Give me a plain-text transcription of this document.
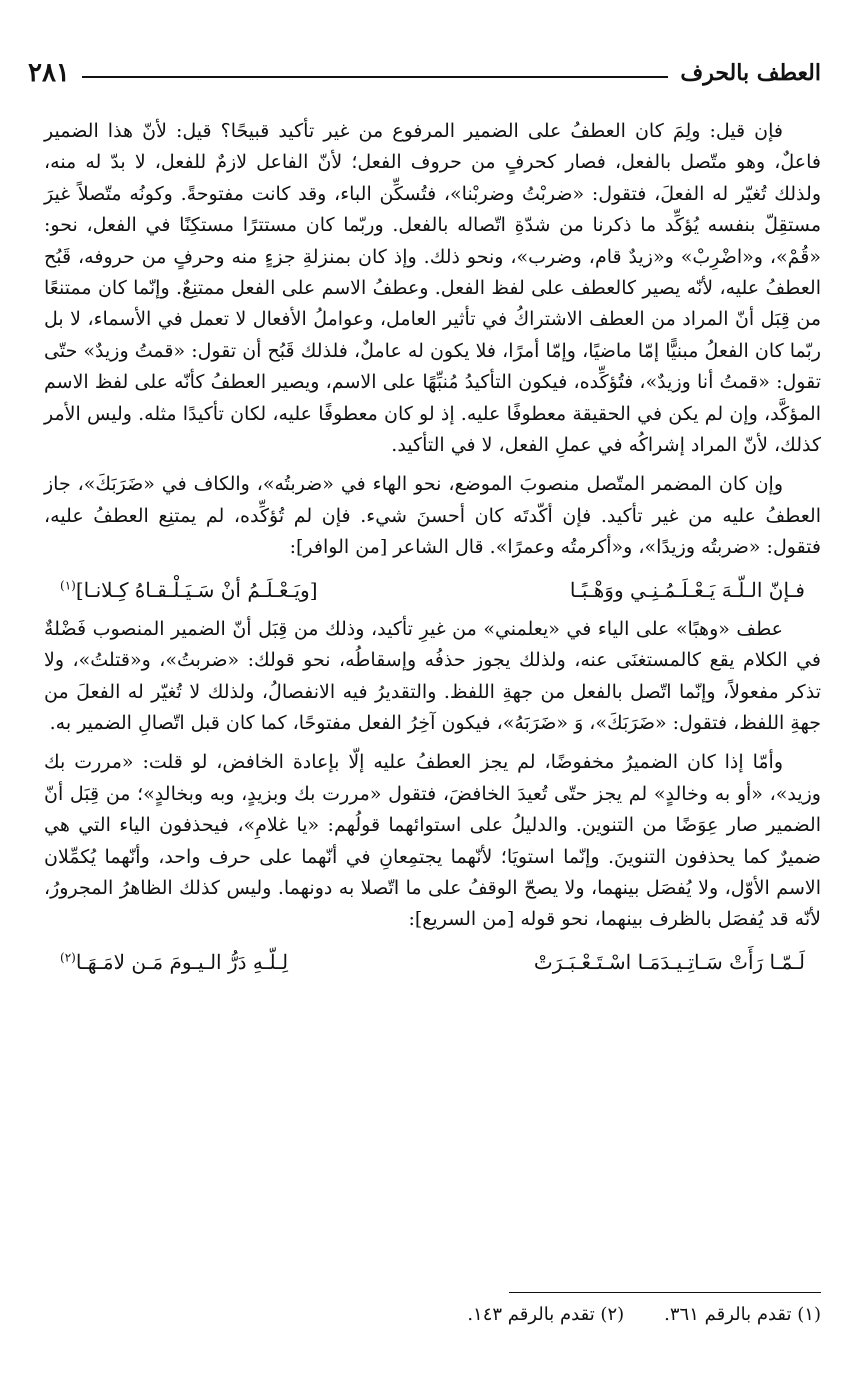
العطف بالحرف
٢٨١

فإن قيل: ولِمَ كان العطفُ على الضمير المرفوع من غير تأكيد قبيحًا؟ قيل: لأنّ هذا الضمير فاعلٌ، وهو متّصل بالفعل، فصار كحرفٍ من حروف الفعل؛ لأنّ الفاعل لازمٌ للفعل، لا بدّ له منه، ولذلك تُغيّر له الفعلَ، فتقول: «ضربْتُ وضربْنا»، فتُسكِّن الباء، وقد كانت مفتوحةً. وكونُه متّصلاً غيرَ مستقِلّ بنفسه يُؤكِّد ما ذكرنا من شدّةِ اتّصاله بالفعل. وربّما كان مستترًا مستكِنًا في الفعل، نحو: «قُمْ»، و«اضْرِبْ» و«زيدٌ قام، وضرب»، ونحو ذلك. وإذ كان بمنزلةِ جزءٍ منه وحرفٍ من حروفه، قَبُح العطفُ عليه، لأنّه يصير كالعطف على لفظ الفعل. وعطفُ الاسم على الفعل ممتنِعٌ. وإنّما كان ممتنعًا من قِبَل أنّ المراد من العطف الاشتراكُ في تأثير العامل، وعواملُ الأفعال لا تعمل في الأسماء، لا بل ربّما كان الفعلُ مبنيًّا إمّا ماضيًا، وإمّا أمرًا، فلا يكون له عاملٌ، فلذلك قَبُح أن تقول: «قمتُ وزيدٌ» حتّى تقول: «قمتُ أنا وزيدٌ»، فتُؤكِّده، فيكون التأكيدُ مُنبِّهًا على الاسم، ويصير العطفُ كأنّه على لفظ الاسم المؤكَّد، وإن لم يكن في الحقيقة معطوفًا عليه. إذ لو كان معطوفًا عليه، لكان تأكيدًا مثله. وليس الأمر كذلك، لأنّ المراد إشراكُه في عملِ الفعل، لا في التأكيد.

وإن كان المضمر المتّصل منصوبَ الموضع، نحو الهاء في «ضربتُه»، والكاف في «ضَرَبَكَ»، جاز العطفُ عليه من غير تأكيد. فإن أكّدتَه كان أحسنَ شيء. فإن لم تُؤكِّده، لم يمتنِع العطفُ عليه، فتقول: «ضربتُه وزيدًا»، و«أكرمتُه وعمرًا». قال الشاعر [من الوافر]:

فـإنّ الـلّـهَ يَـعْـلَـمُـنِـي ووَهْـبًـا
[ويَـعْـلَـمُ أنْ سَـيَـلْـقـاهُ كِـلانـا]$^{(١)}$

عطف «وهبًا» على الياء في «يعلمني» من غيرِ تأكيد، وذلك من قِبَل أنّ الضمير المنصوب فَضْلةٌ في الكلام يقع كالمستغنَى عنه، ولذلك يجوز حذفُه وإسقاطُه، نحو قولك: «ضربتُ»، و«قتلتُ»، ولا تذكر مفعولاً، وإنّما اتّصل بالفعل من جهةِ اللفظ. والتقديرُ فيه الانفصالُ، ولذلك لا تُغيّر له الفعلَ من جهةِ اللفظ، فتقول: «ضَرَبَكَ»، وَ «ضَرَبَهُ»، فيكون آخِرُ الفعل مفتوحًا، كما كان قبل اتّصالِ الضمير به.

وأمّا إذا كان الضميرُ مخفوضًا، لم يجز العطفُ عليه إلّا بإعادة الخافض، لو قلت: «مررت بك وزيد»، «أو به وخالدٍ» لم يجز حتّى تُعيدَ الخافضَ، فتقول «مررت بك وبزيدٍ، وبه وبخالدٍ»؛ من قِبَل أنّ الضمير صار عِوَضًا من التنوين. والدليلُ على استوائهما قولُهم: «يا غلامِ»، فيحذفون الياء التي هي ضميرٌ كما يحذفون التنوينَ. وإنّما استويَا؛ لأنّهما يجتمِعانِ في أنّهما على حرف واحد، وأنّهما يُكمِّلان الاسم الأوّل، ولا يُفصَل بينهما، ولا يصحّ الوقفُ على ما اتّصلا به دونهما. وليس كذلك الظاهرُ المجرورُ، لأنّه قد يُفصَل بالظرف بينهما، نحو قوله [من السريع]:

لَـمّـا رَأَتْ سَـاتِـيـدَمَـا اسْـتَـعْـبَـرَتْ
لِـلّـهِ دَرُّ الـيـومَ مَـن لامَـهَـا$^{(٢)}$
(١) تقدم بالرقم ٣٦١.
(٢) تقدم بالرقم ١٤٣.
